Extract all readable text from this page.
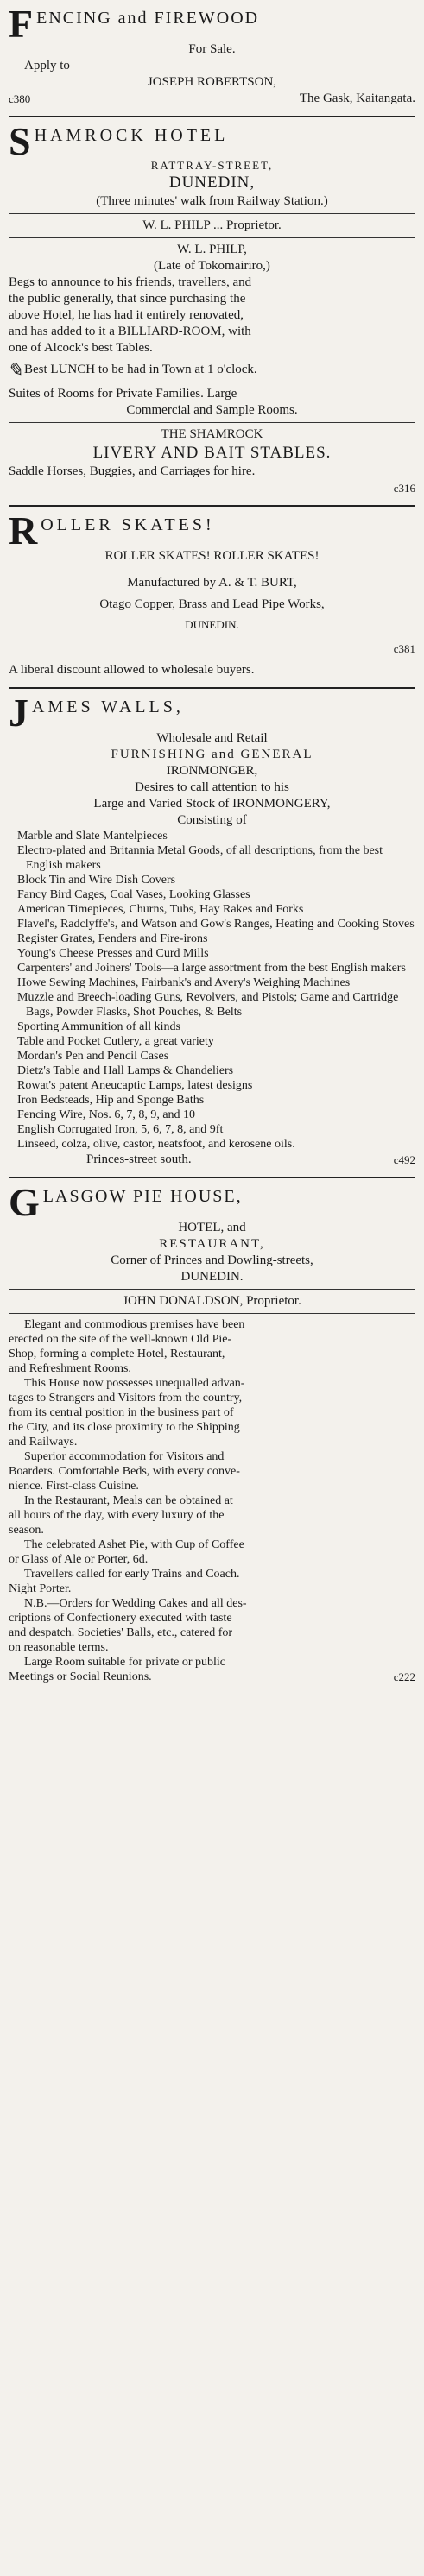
F ENCING and FIREWOOD
For Sale.
Apply to
JOSEPH ROBERTSON,
c380	The Gask, Kaitangata.
S HAMROCK HOTEL
RATTRAY-STREET,
DUNEDIN,
(Three minutes' walk from Railway Station.)
W. L. PHILP ... Proprietor.
W. L. PHILP,
(Late of Tokomairiro,)
Begs to announce to his friends, travellers, and
the public generally, that since purchasing the
above Hotel, he has had it entirely renovated,
and has added to it a BILLIARD-ROOM, with
one of Alcock's best Tables.
✎ Best LUNCH to be had in Town at 1 o'clock.
Suites of Rooms for Private Families. Large
Commercial and Sample Rooms.
THE SHAMROCK
LIVERY AND BAIT STABLES.
Saddle Horses, Buggies, and Carriages for hire.
c316
R OLLER SKATES!
ROLLER SKATES! ROLLER SKATES!
Manufactured by A. & T. BURT,
Otago Copper, Brass and Lead Pipe Works,
DUNEDIN.
c381
A liberal discount allowed to wholesale buyers.
J AMES WALLS,
Wholesale and Retail
FURNISHING and GENERAL
IRONMONGER,
Desires to call attention to his
Large and Varied Stock of IRONMONGERY,
Consisting of
Marble and Slate Mantelpieces
Electro-plated and Britannia Metal Goods, of all descriptions, from the best English makers
Block Tin and Wire Dish Covers
Fancy Bird Cages, Coal Vases, Looking Glasses
American Timepieces, Churns, Tubs, Hay Rakes and Forks
Flavel's, Radclyffe's, and Watson and Gow's Ranges, Heating and Cooking Stoves
Register Grates, Fenders and Fire-irons
Young's Cheese Presses and Curd Mills
Carpenters' and Joiners' Tools—a large assortment from the best English makers
Howe Sewing Machines, Fairbank's and Avery's Weighing Machines
Muzzle and Breech-loading Guns, Revolvers, and Pistols; Game and Cartridge Bags, Powder Flasks, Shot Pouches, & Belts
Sporting Ammunition of all kinds
Table and Pocket Cutlery, a great variety
Mordan's Pen and Pencil Cases
Dietz's Table and Hall Lamps & Chandeliers
Rowat's patent Aneucaptic Lamps, latest designs
Iron Bedsteads, Hip and Sponge Baths
Fencing Wire, Nos. 6, 7, 8, 9, and 10
English Corrugated Iron, 5, 6, 7, 8, and 9ft
Linseed, colza, olive, castor, neatsfoot, and kerosene oils.
Princes-street south.	c492
G LASGOW PIE HOUSE,
HOTEL, and
RESTAURANT,
Corner of Princes and Dowling-streets,
DUNEDIN.
JOHN DONALDSON, Proprietor.
Elegant and commodious premises have been
erected on the site of the well-known Old Pie-
Shop, forming a complete Hotel, Restaurant,
and Refreshment Rooms.
This House now possesses unequalled advan-
tages to Strangers and Visitors from the country,
from its central position in the business part of
the City, and its close proximity to the Shipping
and Railways.
Superior accommodation for Visitors and
Boarders. Comfortable Beds, with every conve-
nience. First-class Cuisine.
In the Restaurant, Meals can be obtained at
all hours of the day, with every luxury of the
season.
The celebrated Ashet Pie, with Cup of Coffee
or Glass of Ale or Porter, 6d.
Travellers called for early Trains and Coach.
Night Porter.
N.B.—Orders for Wedding Cakes and all des-
criptions of Confectionery executed with taste
and despatch. Societies' Balls, etc., catered for
on reasonable terms.
Large Room suitable for private or public
Meetings or Social Reunions.	c222
